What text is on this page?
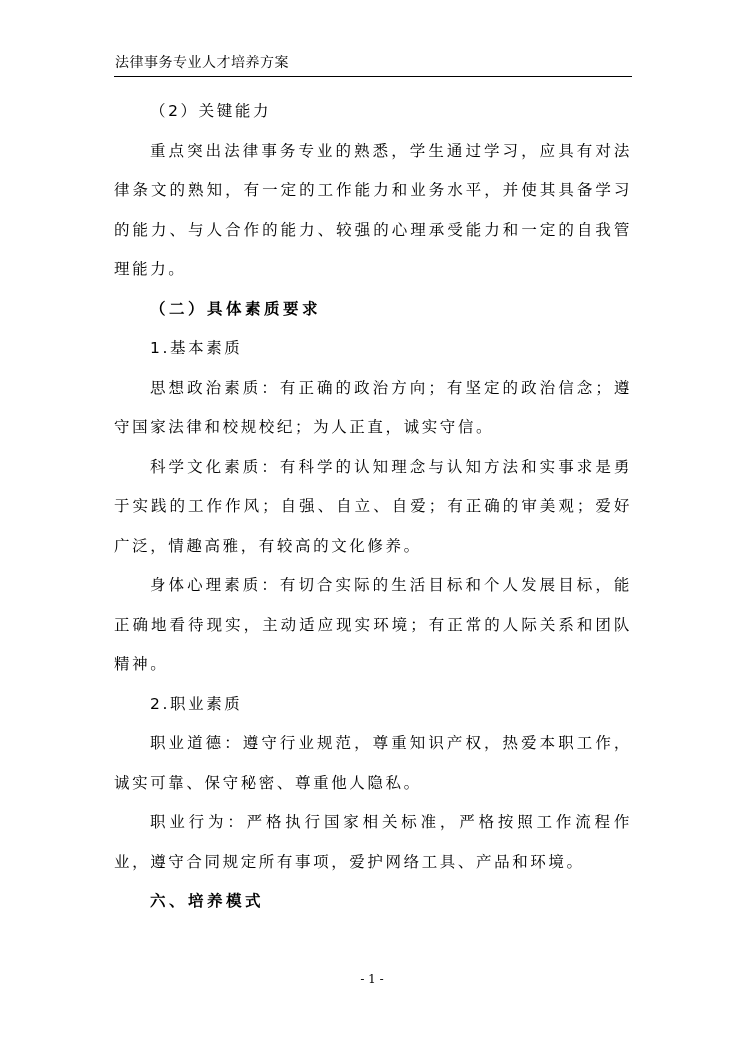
法律事务专业人才培养方案

（2）关键能力

重点突出法律事务专业的熟悉，学生通过学习，应具有对法律条文的熟知，有一定的工作能力和业务水平，并使其具备学习的能力、与人合作的能力、较强的心理承受能力和一定的自我管理能力。

（二）具体素质要求

1.基本素质

思想政治素质：有正确的政治方向；有坚定的政治信念；遵守国家法律和校规校纪；为人正直，诚实守信。

科学文化素质：有科学的认知理念与认知方法和实事求是勇于实践的工作作风；自强、自立、自爱；有正确的审美观；爱好广泛，情趣高雅，有较高的文化修养。

身体心理素质：有切合实际的生活目标和个人发展目标，能正确地看待现实，主动适应现实环境；有正常的人际关系和团队精神。

2.职业素质

职业道德：遵守行业规范，尊重知识产权，热爱本职工作，诚实可靠、保守秘密、尊重他人隐私。

职业行为：严格执行国家相关标准，严格按照工作流程作业，遵守合同规定所有事项，爱护网络工具、产品和环境。

六、培养模式

- 1 -
